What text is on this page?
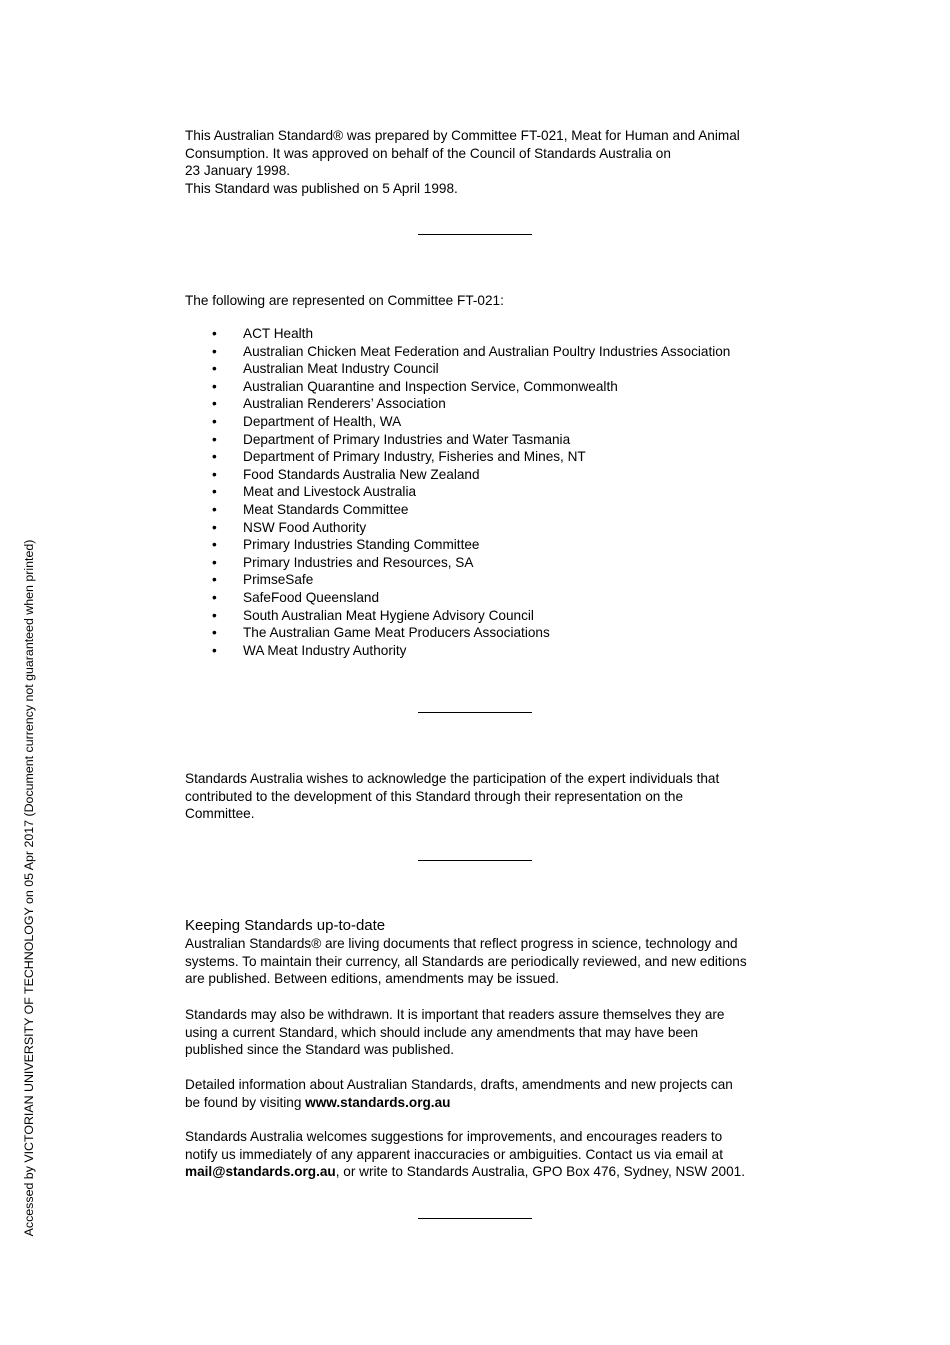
This Australian Standard® was prepared by Committee FT-021, Meat for Human and Animal

Consumption. It was approved on behalf of the Council of Standards Australia on

23 January 1998.

This Standard was published on 5 April 1998.

The following are represented on Committee FT-021:

• ACT Health
• Australian Chicken Meat Federation and Australian Poultry Industries Association
• Australian Meat Industry Council
• Australian Quarantine and Inspection Service, Commonwealth
• Australian Renderers’ Association
• Department of Health, WA
• Department of Primary Industries and Water Tasmania
• Department of Primary Industry, Fisheries and Mines, NT
• Food Standards Australia New Zealand
• Meat and Livestock Australia
• Meat Standards Committee
• NSW Food Authority
• Primary Industries Standing Committee
• Primary Industries and Resources, SA
• PrimseSafe
• SafeFood Queensland
• South Australian Meat Hygiene Advisory Council
• The Australian Game Meat Producers Associations
• WA Meat Industry Authority

Standards Australia wishes to acknowledge the participation of the expert individuals that

contributed to the development of this Standard through their representation on the

Committee.

Keeping Standards up-to-date

Australian Standards® are living documents that reflect progress in science, technology and

systems. To maintain their currency, all Standards are periodically reviewed, and new editions

are published. Between editions, amendments may be issued.

Standards may also be withdrawn. It is important that readers assure themselves they are

using a current Standard, which should include any amendments that may have been

published since the Standard was published.

Detailed information about Australian Standards, drafts, amendments and new projects can

be found by visiting www.standards.org.au

Standards Australia welcomes suggestions for improvements, and encourages readers to

notify us immediately of any apparent inaccuracies or ambiguities. Contact us via email at

mail@standards.org.au, or write to Standards Australia, GPO Box 476, Sydney, NSW 2001.

Accessed by VICTORIAN UNIVERSITY OF TECHNOLOGY on 05 Apr 2017 (Document currency not guaranteed when printed)
